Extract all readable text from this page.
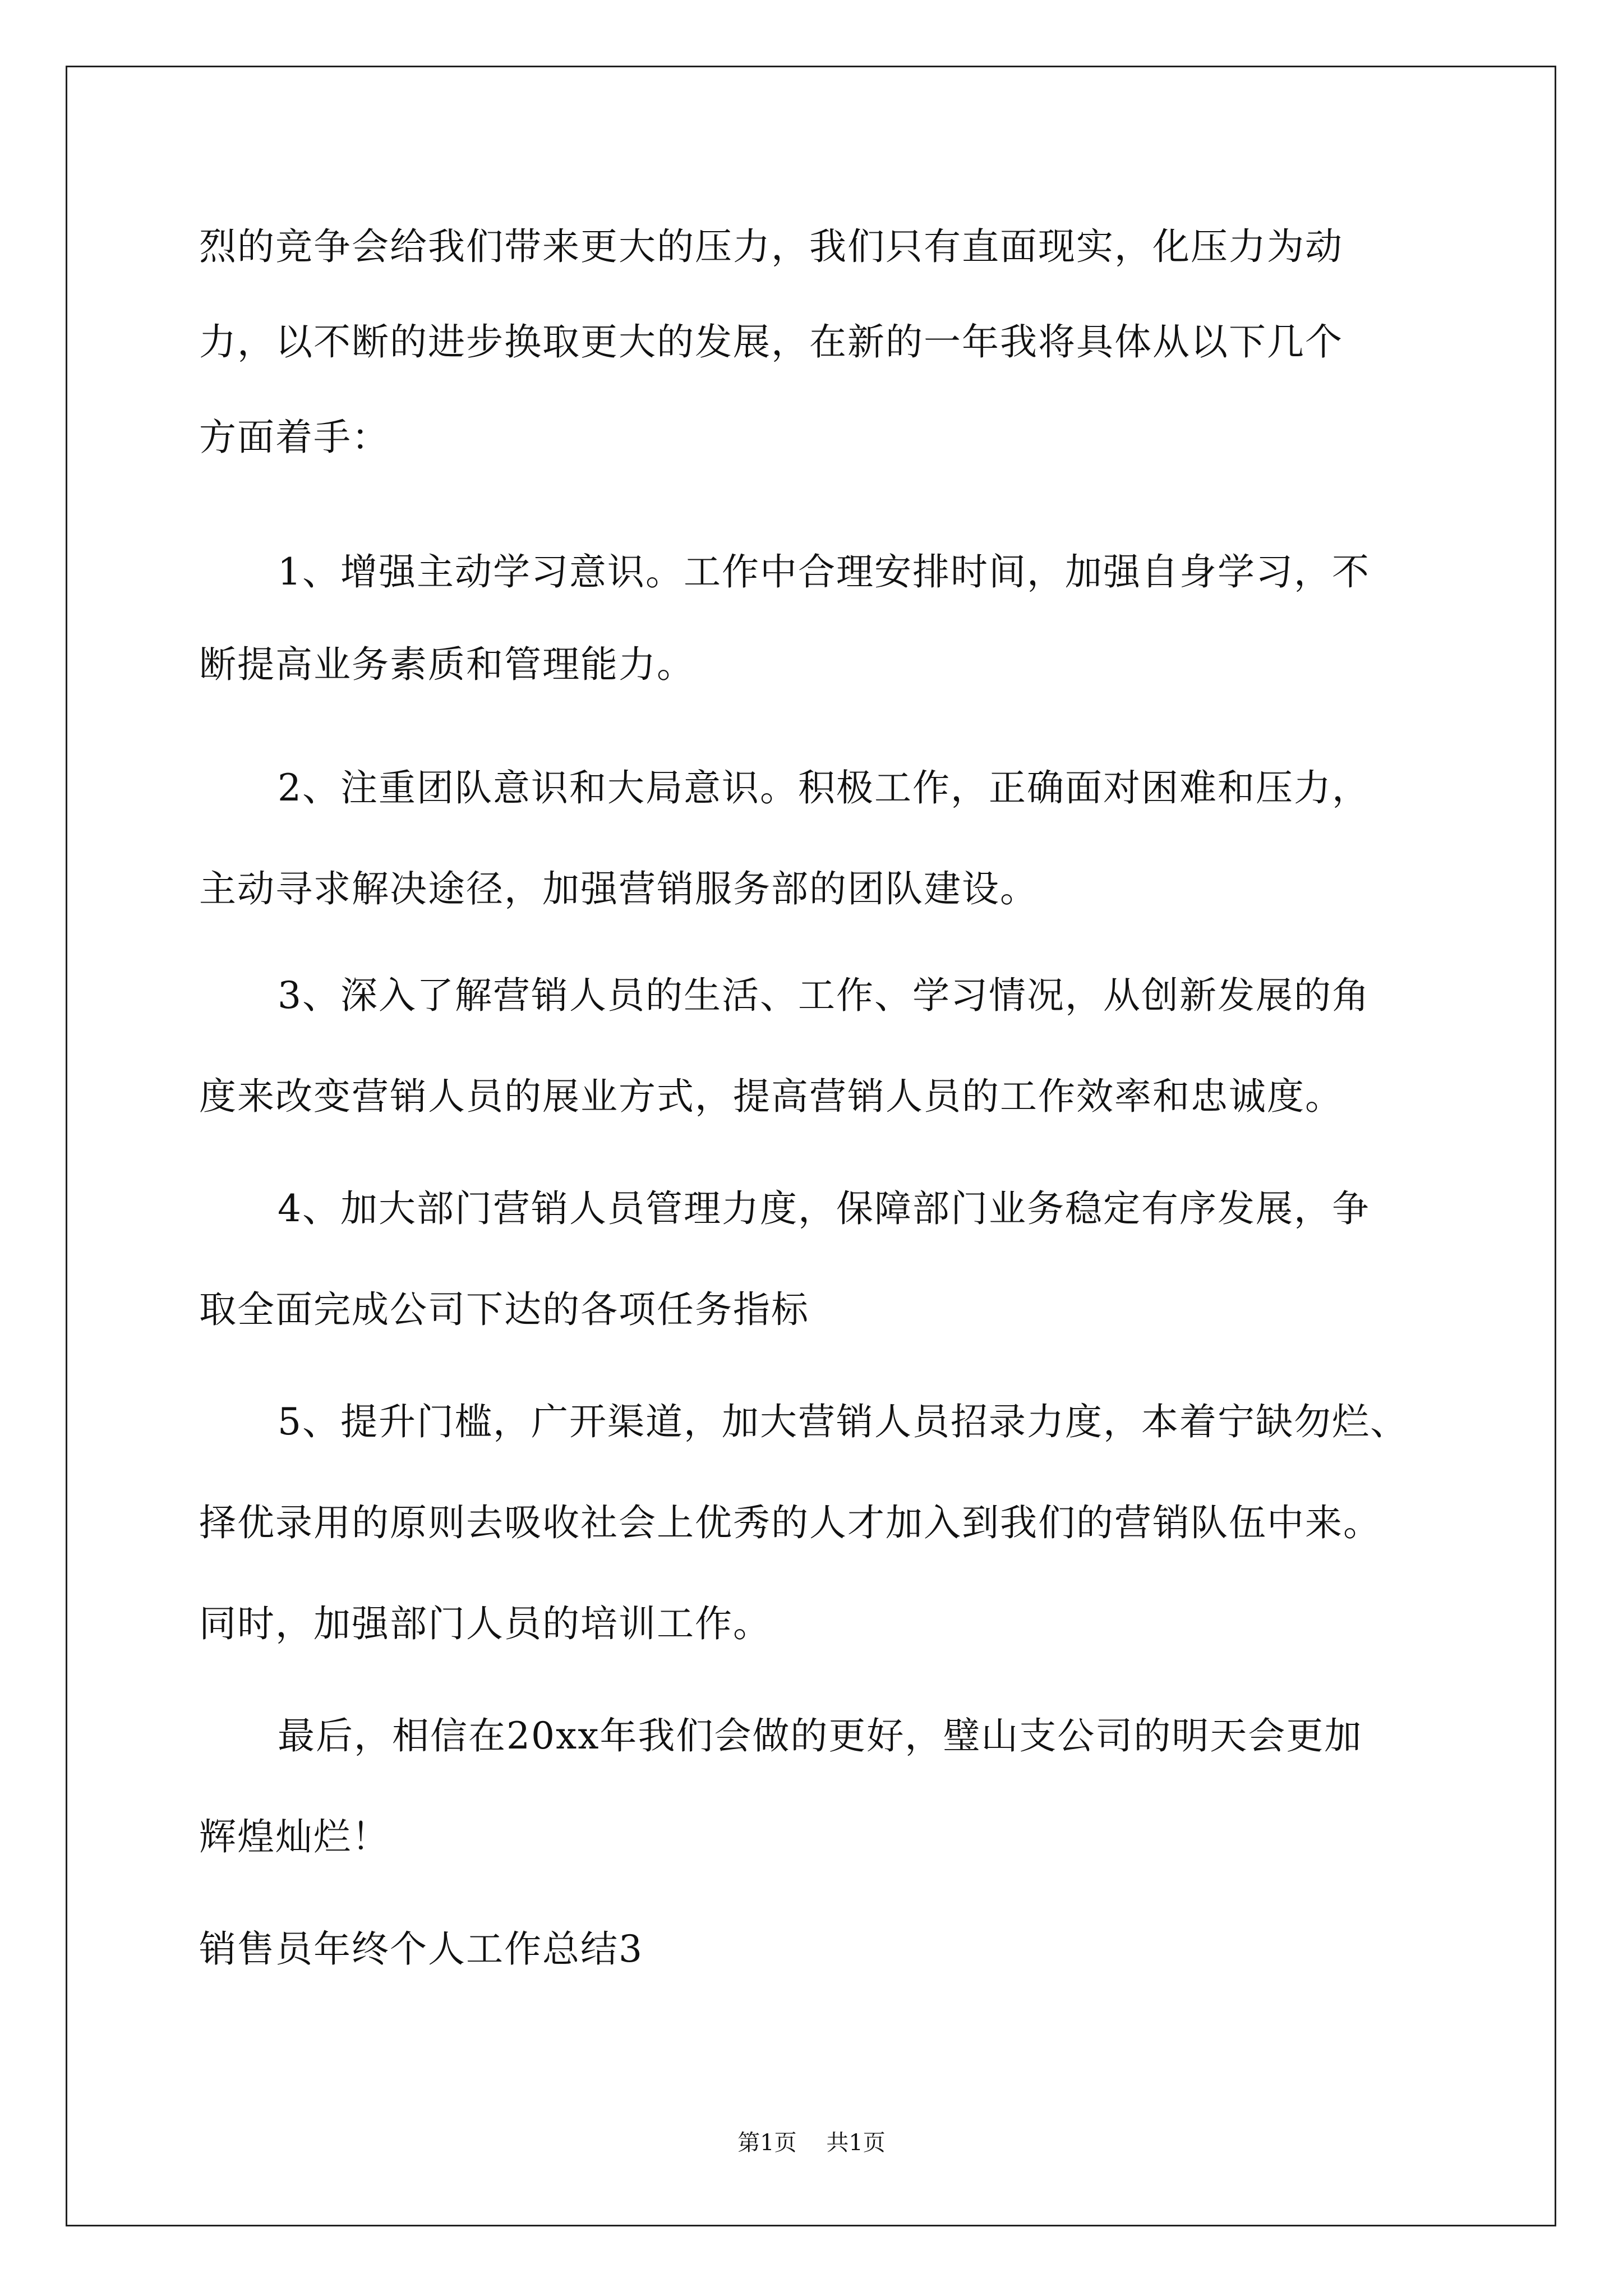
烈的竞争会给我们带来更大的压力，我们只有直面现实，化压力为动
力，以不断的进步换取更大的发展，在新的一年我将具体从以下几个
方面着手：
1、增强主动学习意识。工作中合理安排时间，加强自身学习，不
断提高业务素质和管理能力。
2、注重团队意识和大局意识。积极工作，正确面对困难和压力，
主动寻求解决途径，加强营销服务部的团队建设。
3、深入了解营销人员的生活、工作、学习情况，从创新发展的角
度来改变营销人员的展业方式，提高营销人员的工作效率和忠诚度。
4、加大部门营销人员管理力度，保障部门业务稳定有序发展，争
取全面完成公司下达的各项任务指标
5、提升门槛，广开渠道，加大营销人员招录力度，本着宁缺勿烂、
择优录用的原则去吸收社会上优秀的人才加入到我们的营销队伍中来。
同时，加强部门人员的培训工作。
最后，相信在20xx年我们会做的更好，璧山支公司的明天会更加
辉煌灿烂！
销售员年终个人工作总结3
第1页 共1页
